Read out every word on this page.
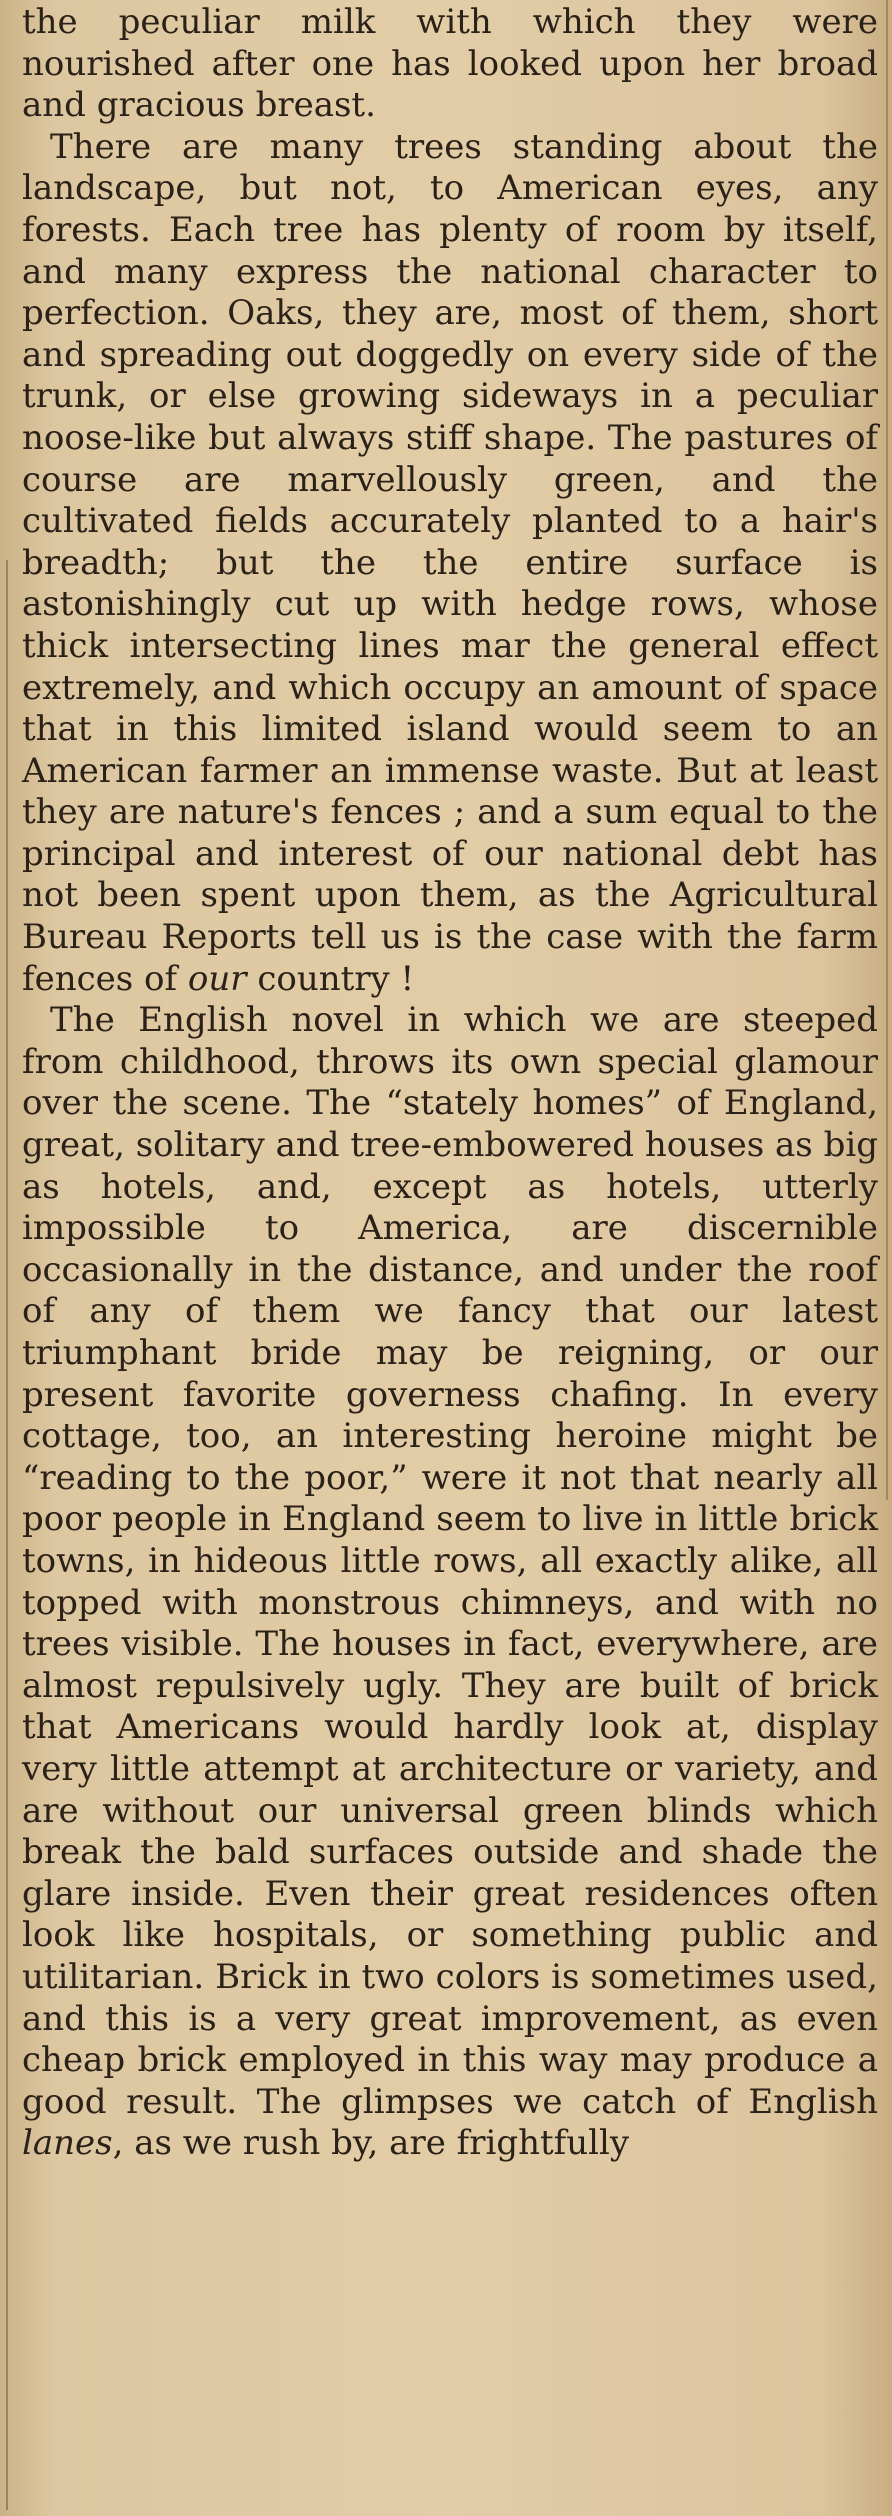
the peculiar milk with which they were nourished after one has looked upon her broad and gracious breast.

There are many trees standing about the landscape, but not, to American eyes, any forests. Each tree has plenty of room by itself, and many express the national character to perfection. Oaks, they are, most of them, short and spreading out doggedly on every side of the trunk, or else growing sideways in a peculiar noose-like but always stiff shape. The pastures of course are marvellously green, and the cultivated fields accurately planted to a hair's breadth; but the the entire surface is astonishingly cut up with hedge rows, whose thick intersecting lines mar the general effect extremely, and which occupy an amount of space that in this limited island would seem to an American farmer an immense waste. But at least they are nature's fences ; and a sum equal to the principal and interest of our national debt has not been spent upon them, as the Agricultural Bureau Reports tell us is the case with the farm fences of our country !

The English novel in which we are steeped from childhood, throws its own special glamour over the scene. The “stately homes” of England, great, solitary and tree-embowered houses as big as hotels, and, except as hotels, utterly impossible to America, are discernible occasionally in the distance, and under the roof of any of them we fancy that our latest triumphant bride may be reigning, or our present favorite governess chafing. In every cottage, too, an interesting heroine might be “reading to the poor,” were it not that nearly all poor people in England seem to live in little brick towns, in hideous little rows, all exactly alike, all topped with monstrous chimneys, and with no trees visible. The houses in fact, everywhere, are almost repulsively ugly. They are built of brick that Americans would hardly look at, display very little attempt at architecture or variety, and are without our universal green blinds which break the bald surfaces outside and shade the glare inside. Even their great residences often look like hospitals, or something public and utilitarian. Brick in two colors is sometimes used, and this is a very great improvement, as even cheap brick employed in this way may produce a good result. The glimpses we catch of English lanes, as we rush by, are frightfully
